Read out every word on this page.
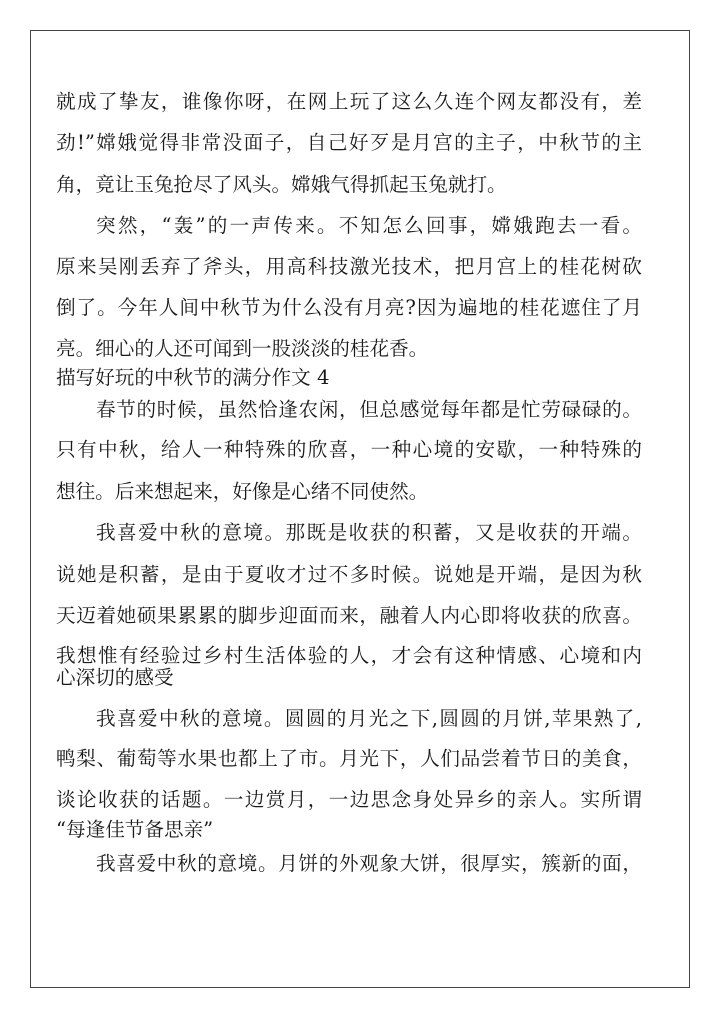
就成了挚友，谁像你呀，在网上玩了这么久连个网友都没有，差
劲!”嫦娥觉得非常没面子，自己好歹是月宫的主子，中秋节的主
角，竟让玉兔抢尽了风头。嫦娥气得抓起玉兔就打。
突然，“轰”的一声传来。不知怎么回事，嫦娥跑去一看。
原来吴刚丢弃了斧头，用高科技激光技术，把月宫上的桂花树砍
倒了。今年人间中秋节为什么没有月亮?因为遍地的桂花遮住了月
亮。细心的人还可闻到一股淡淡的桂花香。
描写好玩的中秋节的满分作文 4
春节的时候，虽然恰逢农闲，但总感觉每年都是忙劳碌碌的。
只有中秋，给人一种特殊的欣喜，一种心境的安歇，一种特殊的
想往。后来想起来，好像是心绪不同使然。
我喜爱中秋的意境。那既是收获的积蓄，又是收获的开端。
说她是积蓄，是由于夏收才过不多时候。说她是开端，是因为秋
天迈着她硕果累累的脚步迎面而来，融着人内心即将收获的欣喜。
我想惟有经验过乡村生活体验的人，才会有这种情感、心境和内
心深切的感受
我喜爱中秋的意境。圆圆的月光之下,圆圆的月饼,苹果熟了,
鸭梨、葡萄等水果也都上了市。月光下，人们品尝着节日的美食，
谈论收获的话题。一边赏月，一边思念身处异乡的亲人。实所谓
“每逢佳节备思亲”
我喜爱中秋的意境。月饼的外观象大饼，很厚实，簇新的面，
